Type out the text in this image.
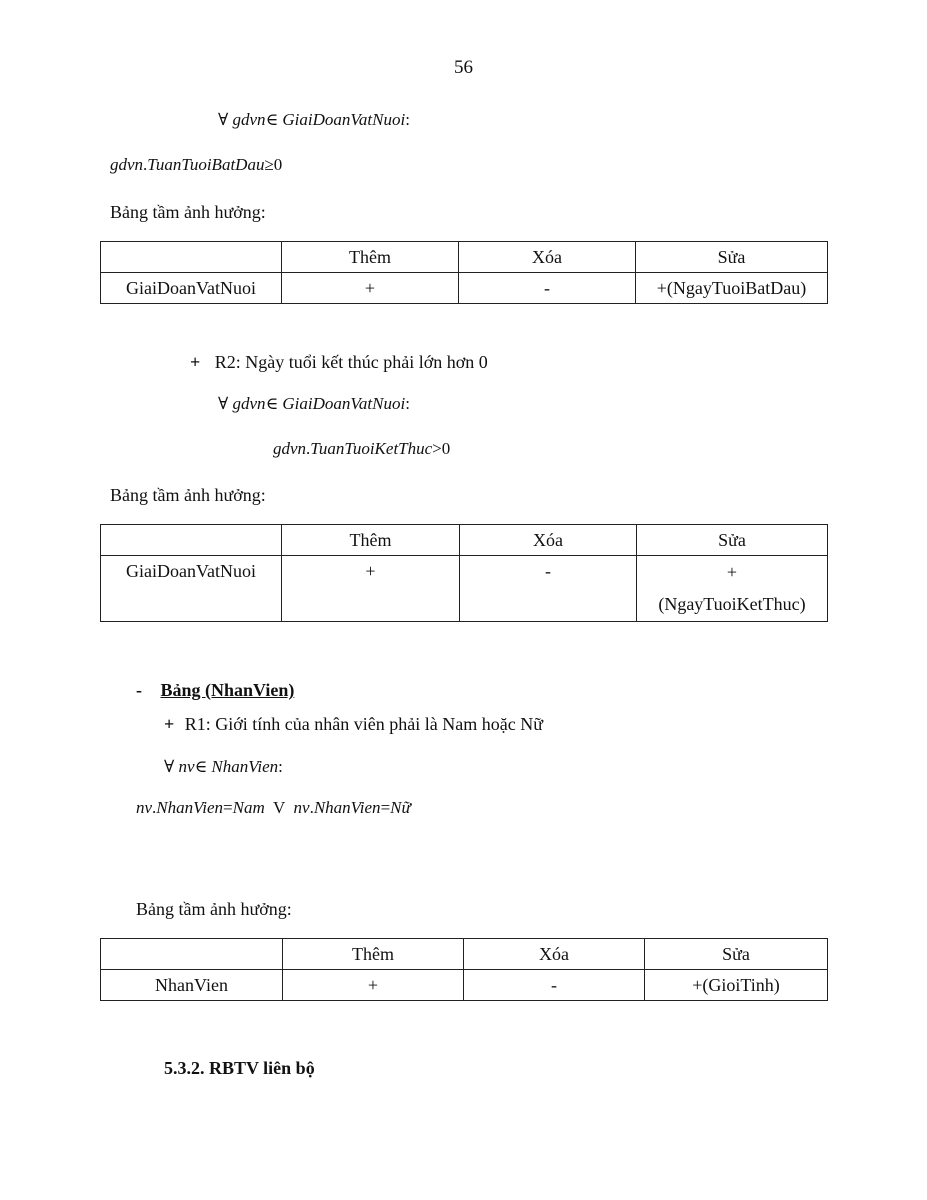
56
∀ gdvn∈ GiaiDoanVatNuoi:
gdvn.TuanTuoiBatDau≥0
Bảng tầm ảnh hưởng:
	Thêm	Xóa	Sửa
GiaiDoanVatNuoi	+	-	+(NgayTuoiBatDau)
+ R2: Ngày tuổi kết thúc phải lớn hơn 0
∀ gdvn∈ GiaiDoanVatNuoi:
gdvn.TuanTuoiKetThuc>0
Bảng tầm ảnh hưởng:
	Thêm	Xóa	Sửa
GiaiDoanVatNuoi	+	-	+
(NgayTuoiKetThuc)
- Bảng (NhanVien)
+ R1: Giới tính của nhân viên phải là Nam hoặc Nữ
∀ nv∈ NhanVien:
nv.NhanVien=Nam V nv.NhanVien=Nữ
Bảng tầm ảnh hưởng:
	Thêm	Xóa	Sửa
NhanVien	+	-	+(GioiTinh)
5.3.2. RBTV liên bộ
